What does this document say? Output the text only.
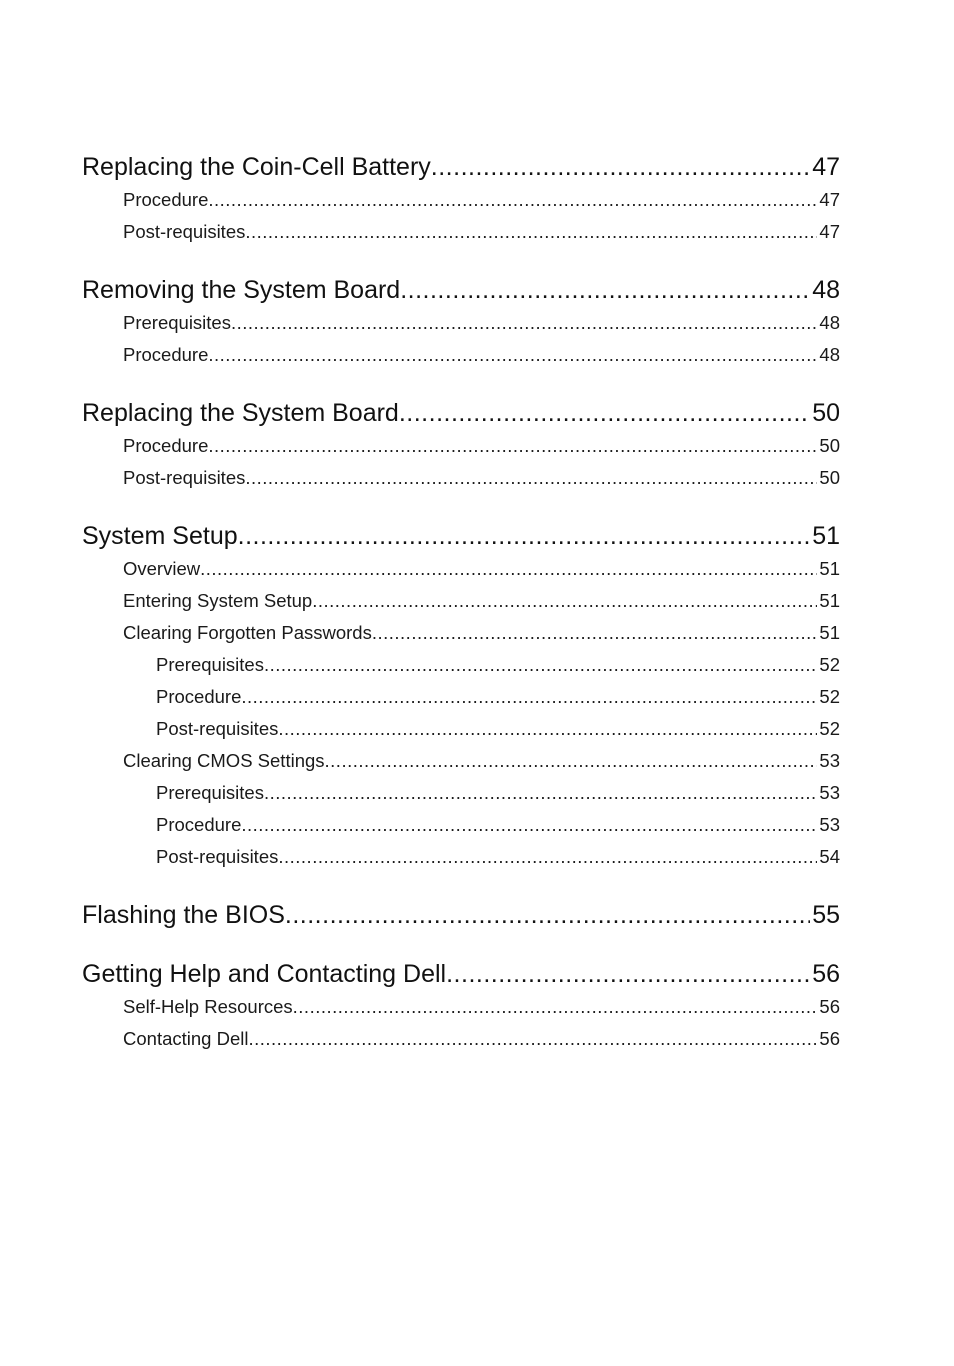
Replacing the Coin-Cell Battery .....	47
Procedure .....	47
Post-requisites .....	47
Removing the System Board .....	48
Prerequisites .....	48
Procedure .....	48
Replacing the System Board .....	50
Procedure .....	50
Post-requisites .....	50
System Setup .....	51
Overview .....	51
Entering System Setup .....	51
Clearing Forgotten Passwords .....	51
Prerequisites .....	52
Procedure .....	52
Post-requisites .....	52
Clearing CMOS Settings .....	53
Prerequisites .....	53
Procedure .....	53
Post-requisites .....	54
Flashing the BIOS .....	55
Getting Help and Contacting Dell .....	56
Self-Help Resources .....	56
Contacting Dell .....	56
